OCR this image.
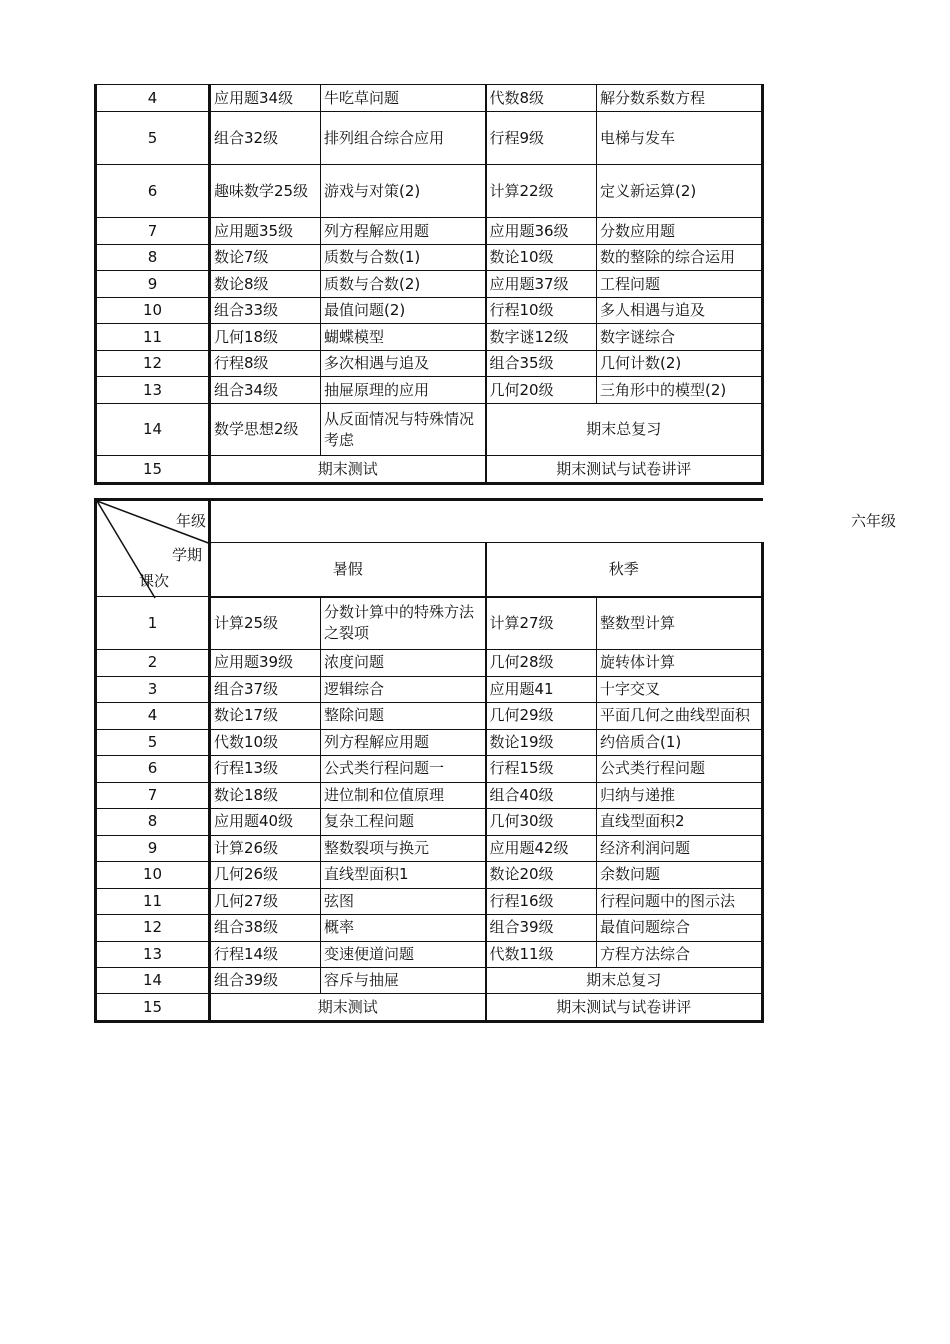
4	应用题34级	牛吃草问题	代数8级	解分数系数方程
5	组合32级	排列组合综合应用	行程9级	电梯与发车
6	趣味数学25级	游戏与对策(2)	计算22级	定义新运算(2)
7	应用题35级	列方程解应用题	应用题36级	分数应用题
8	数论7级	质数与合数(1)	数论10级	数的整除的综合运用
9	数论8级	质数与合数(2)	应用题37级	工程问题
10	组合33级	最值问题(2)	行程10级	多人相遇与追及
11	几何18级	蝴蝶模型	数字谜12级	数字谜综合
12	行程8级	多次相遇与追及	组合35级	几何计数(2)
13	组合34级	抽屉原理的应用	几何20级	三角形中的模型(2)
14	数学思想2级	从反面情况与特殊情况考虑	期末总复习	
15	期末测试		期末测试与试卷讲评	
年级
学期
课次	六年级			

	暑假		秋季	
1	计算25级	分数计算中的特殊方法之裂项	计算27级	整数型计算
2	应用题39级	浓度问题	几何28级	旋转体计算
3	组合37级	逻辑综合	应用题41	十字交叉
4	数论17级	整除问题	几何29级	平面几何之曲线型面积
5	代数10级	列方程解应用题	数论19级	约倍质合(1)
6	行程13级	公式类行程问题一	行程15级	公式类行程问题
7	数论18级	进位制和位值原理	组合40级	归纳与递推
8	应用题40级	复杂工程问题	几何30级	直线型面积2
9	计算26级	整数裂项与换元	应用题42级	经济利润问题
10	几何26级	直线型面积1	数论20级	余数问题
11	几何27级	弦图	行程16级	行程问题中的图示法
12	组合38级	概率	组合39级	最值问题综合
13	行程14级	变速便道问题	代数11级	方程方法综合
14	组合39级	容斥与抽屉	期末总复习	
15	期末测试		期末测试与试卷讲评	
